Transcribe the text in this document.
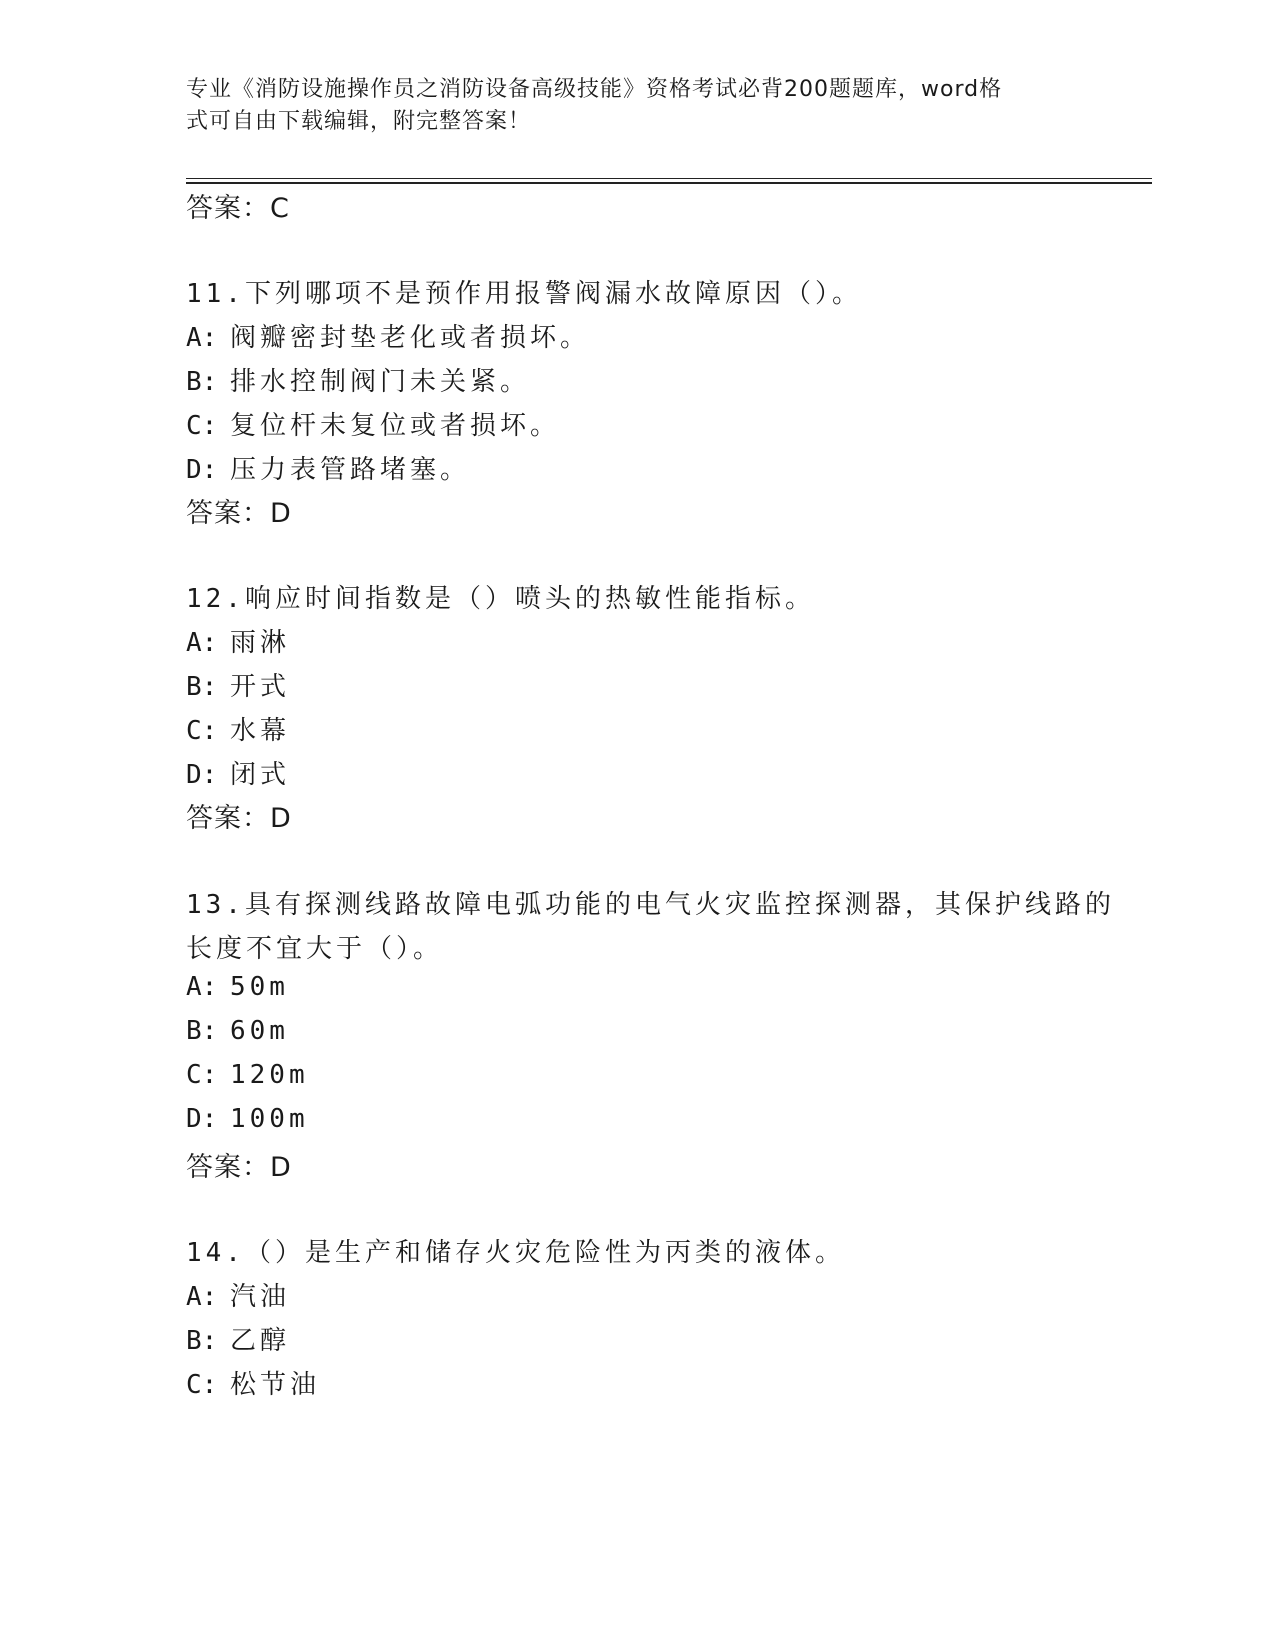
专业《消防设施操作员之消防设备高级技能》资格考试必背200题题库，word格
式可自由下载编辑，附完整答案！
答案：C
11.下列哪项不是预作用报警阀漏水故障原因（）。
A: 阀瓣密封垫老化或者损坏。
B: 排水控制阀门未关紧。
C: 复位杆未复位或者损坏。
D: 压力表管路堵塞。
答案：D
12.响应时间指数是（）喷头的热敏性能指标。
A: 雨淋
B: 开式
C: 水幕
D: 闭式
答案：D
13.具有探测线路故障电弧功能的电气火灾监控探测器，其保护线路的
长度不宜大于（）。
A: 50m
B: 60m
C: 120m
D: 100m
答案：D
14.（）是生产和储存火灾危险性为丙类的液体。
A: 汽油
B: 乙醇
C: 松节油
